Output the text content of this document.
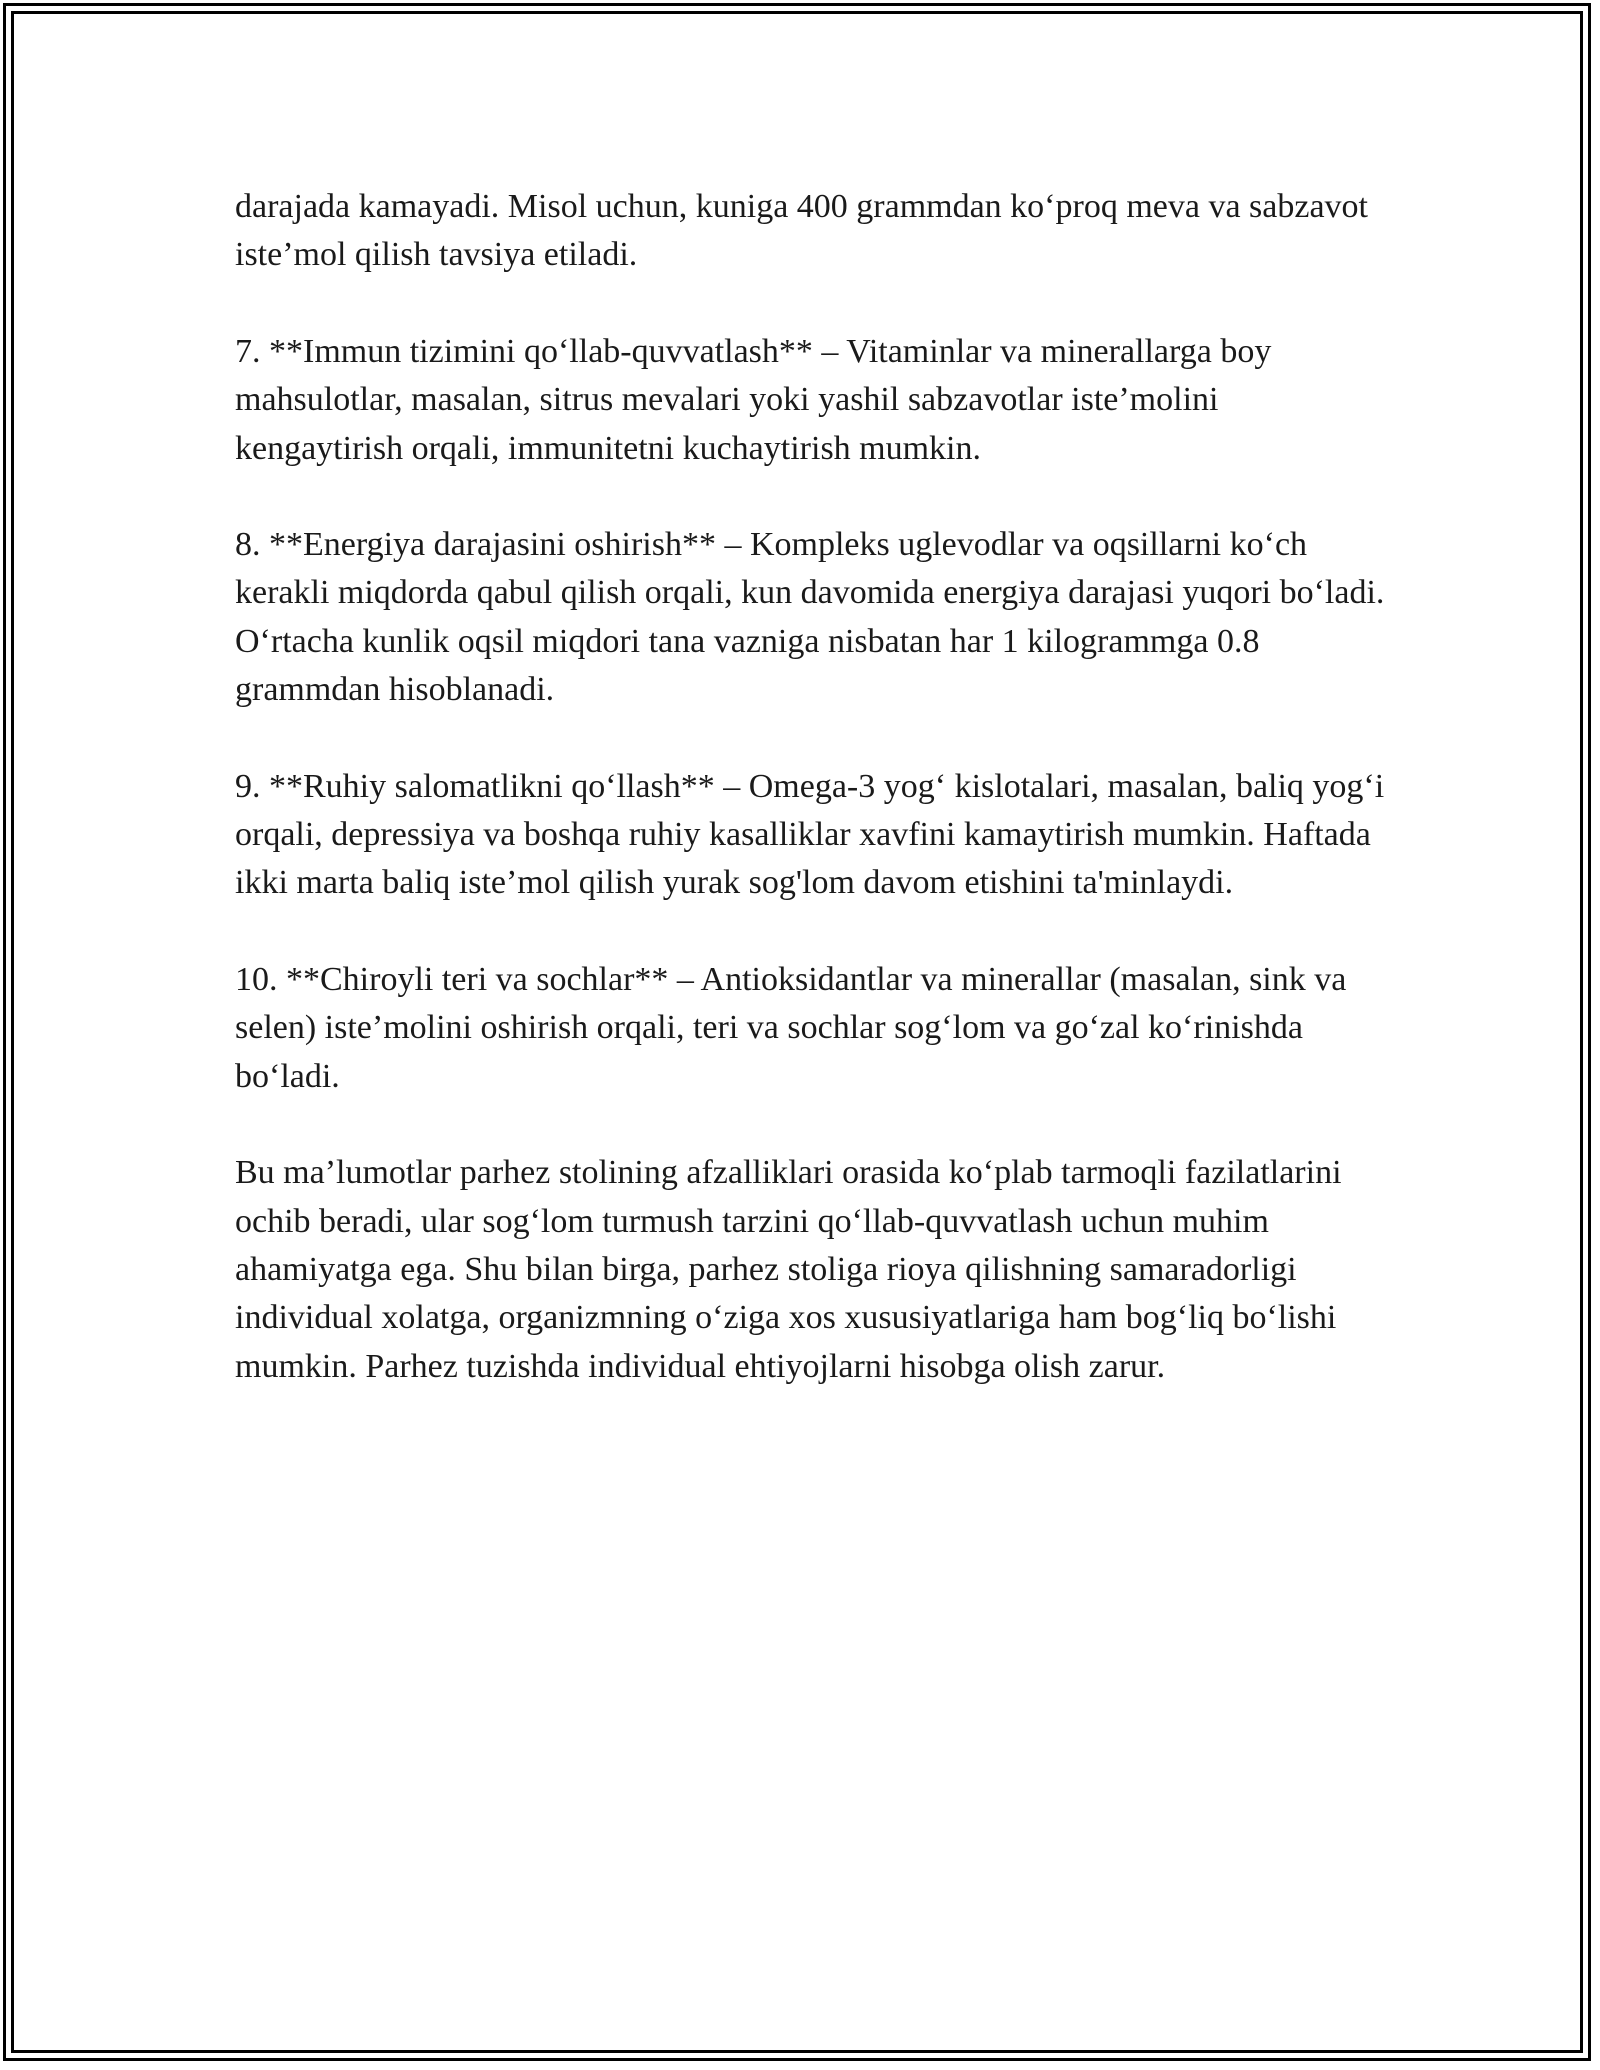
darajada kamayadi. Misol uchun, kuniga 400 grammdan ko‘proq meva va sabzavot iste’mol qilish tavsiya etiladi.

7. **Immun tizimini qo‘llab-quvvatlash** – Vitaminlar va minerallarga boy mahsulotlar, masalan, sitrus mevalari yoki yashil sabzavotlar iste’molini kengaytirish orqali, immunitetni kuchaytirish mumkin.

8. **Energiya darajasini oshirish** – Kompleks uglevodlar va oqsillarni ko‘ch kerakli miqdorda qabul qilish orqali, kun davomida energiya darajasi yuqori bo‘ladi. O‘rtacha kunlik oqsil miqdori tana vazniga nisbatan har 1 kilogrammga 0.8 grammdan hisoblanadi.

9. **Ruhiy salomatlikni qo‘llash** – Omega-3 yog‘ kislotalari, masalan, baliq yog‘i orqali, depressiya va boshqa ruhiy kasalliklar xavfini kamaytirish mumkin. Haftada ikki marta baliq iste’mol qilish yurak sog'lom davom etishini ta'minlaydi.

10. **Chiroyli teri va sochlar** – Antioksidantlar va minerallar (masalan, sink va selen) iste’molini oshirish orqali, teri va sochlar sog‘lom va go‘zal ko‘rinishda bo‘ladi.

Bu ma’lumotlar parhez stolining afzalliklari orasida ko‘plab tarmoqli fazilatlarini ochib beradi, ular sog‘lom turmush tarzini qo‘llab-quvvatlash uchun muhim ahamiyatga ega. Shu bilan birga, parhez stoliga rioya qilishning samaradorligi individual xolatga, organizmning o‘ziga xos xususiyatlariga ham bog‘liq bo‘lishi mumkin. Parhez tuzishda individual ehtiyojlarni hisobga olish zarur.
